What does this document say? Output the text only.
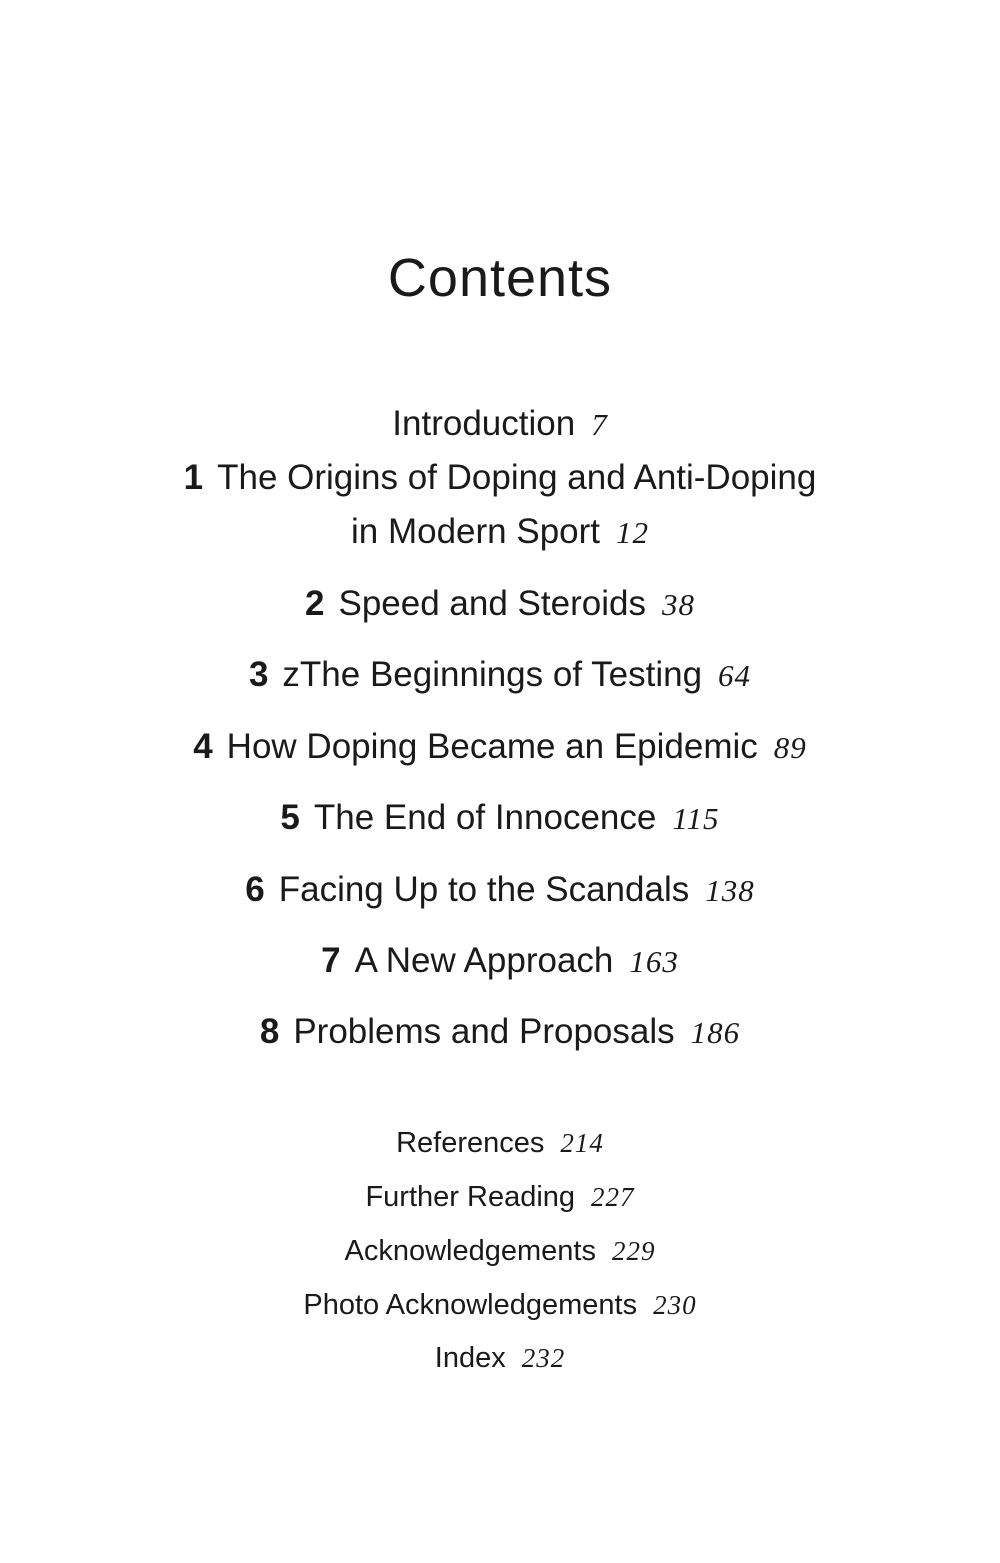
Contents
Introduction 7
1 The Origins of Doping and Anti-Doping
in Modern Sport 12
2 Speed and Steroids 38
3 zThe Beginnings of Testing 64
4 How Doping Became an Epidemic 89
5 The End of Innocence 115
6 Facing Up to the Scandals 138
7 A New Approach 163
8 Problems and Proposals 186
References 214
Further Reading 227
Acknowledgements 229
Photo Acknowledgements 230
Index 232
